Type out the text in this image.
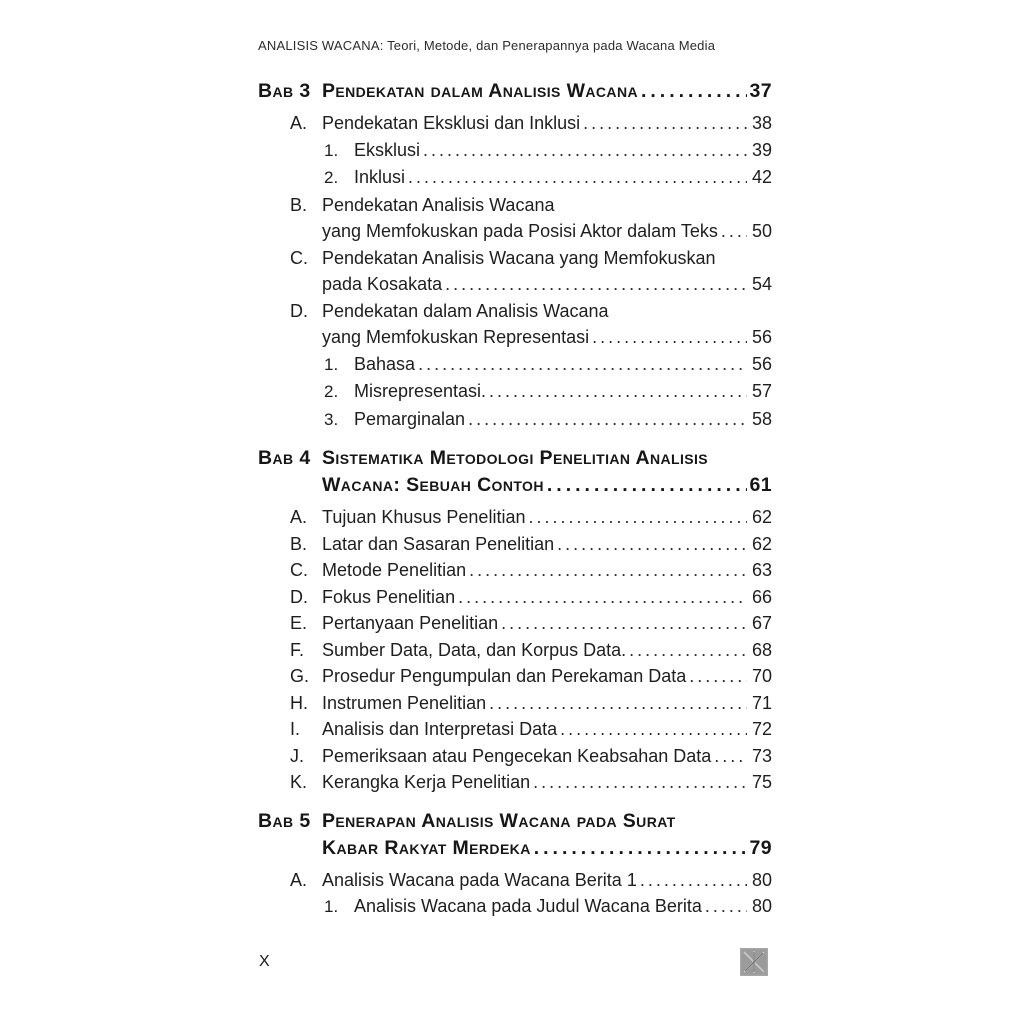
ANALISIS WACANA: Teori, Metode, dan Penerapannya pada Wacana Media
Bab 3 Pendekatan dalam Analisis Wacana .....	37
A. Pendekatan Eksklusi dan Inklusi .....	38
1. Eksklusi .....	39
2. Inklusi .....	42
B. Pendekatan Analisis Wacana
yang Memfokuskan pada Posisi Aktor dalam Teks ..... 50
C. Pendekatan Analisis Wacana yang Memfokuskan
pada Kosakata .....	54
D. Pendekatan dalam Analisis Wacana
yang Memfokuskan Representasi .....	56
1. Bahasa .....	56
2. Misrepresentasi. .....	57
3. Pemarginalan .....	58
Bab 4 Sistematika Metodologi Penelitian Analisis
Wacana: Sebuah Contoh .....	61
A. Tujuan Khusus Penelitian .....	62
B. Latar dan Sasaran Penelitian .....	62
C. Metode Penelitian .....	63
D. Fokus Penelitian .....	66
E. Pertanyaan Penelitian .....	67
F. Sumber Data, Data, dan Korpus Data. .....	68
G. Prosedur Pengumpulan dan Perekaman Data .....	70
H. Instrumen Penelitian .....	71
I.	Analisis dan Interpretasi Data .....	72
J. Pemeriksaan atau Pengecekan Keabsahan Data ..... 73
K. Kerangka Kerja Penelitian .....	75
Bab 5 Penerapan Analisis Wacana pada Surat
Kabar Rakyat Merdeka .....	79
A. Analisis Wacana pada Wacana Berita 1 .....	80
1. Analisis Wacana pada Judul Wacana Berita .....	80
X
